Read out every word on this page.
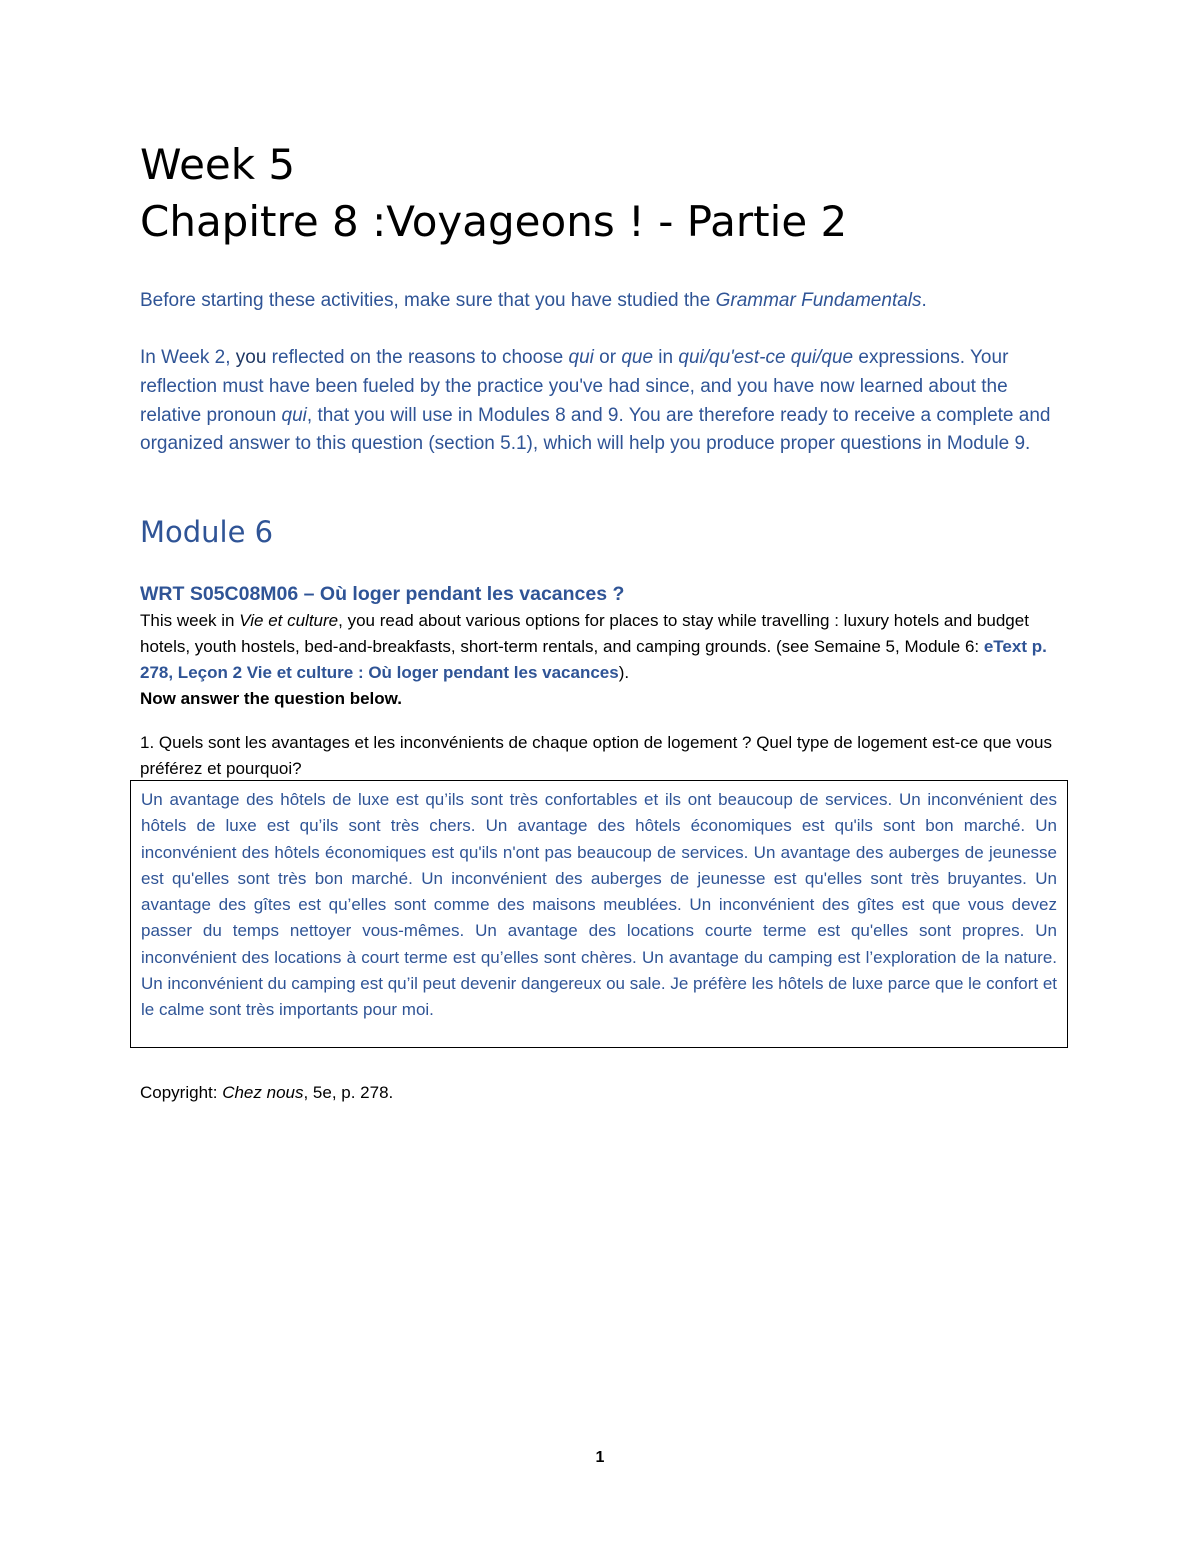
Week 5
Chapitre 8 :Voyageons ! - Partie 2
Before starting these activities, make sure that you have studied the Grammar Fundamentals.
In Week 2, you reflected on the reasons to choose qui or que in qui/qu'est-ce qui/que expressions. Your reflection must have been fueled by the practice you've had since, and you have now learned about the relative pronoun qui, that you will use in Modules 8 and 9. You are therefore ready to receive a complete and organized answer to this question (section 5.1), which will help you produce proper questions in Module 9.
Module 6
WRT S05C08M06 – Où loger pendant les vacances ?
This week in Vie et culture, you read about various options for places to stay while travelling : luxury hotels and budget hotels, youth hostels, bed-and-breakfasts, short-term rentals, and camping grounds. (see Semaine 5, Module 6: eText p. 278, Leçon 2 Vie et culture : Où loger pendant les vacances).
Now answer the question below.
1. Quels sont les avantages et les inconvénients de chaque option de logement ? Quel type de logement est-ce que vous préférez et pourquoi?
Un avantage des hôtels de luxe est qu’ils sont très confortables et ils ont beaucoup de services. Un inconvénient des hôtels de luxe est qu’ils sont très chers. Un avantage des hôtels économiques est qu'ils sont bon marché. Un inconvénient des hôtels économiques est qu'ils n'ont pas beaucoup de services. Un avantage des auberges de jeunesse est qu'elles sont très bon marché. Un inconvénient des auberges de jeunesse est qu'elles sont très bruyantes. Un avantage des gîtes est qu’elles sont comme des maisons meublées. Un inconvénient des gîtes est que vous devez passer du temps nettoyer vous-mêmes. Un avantage des locations courte terme est qu'elles sont propres. Un inconvénient des locations à court terme est qu’elles sont chères. Un avantage du camping est l’exploration de la nature. Un inconvénient du camping est qu’il peut devenir dangereux ou sale. Je préfère les hôtels de luxe parce que le confort et le calme sont très importants pour moi.
Copyright: Chez nous, 5e, p. 278.
1
